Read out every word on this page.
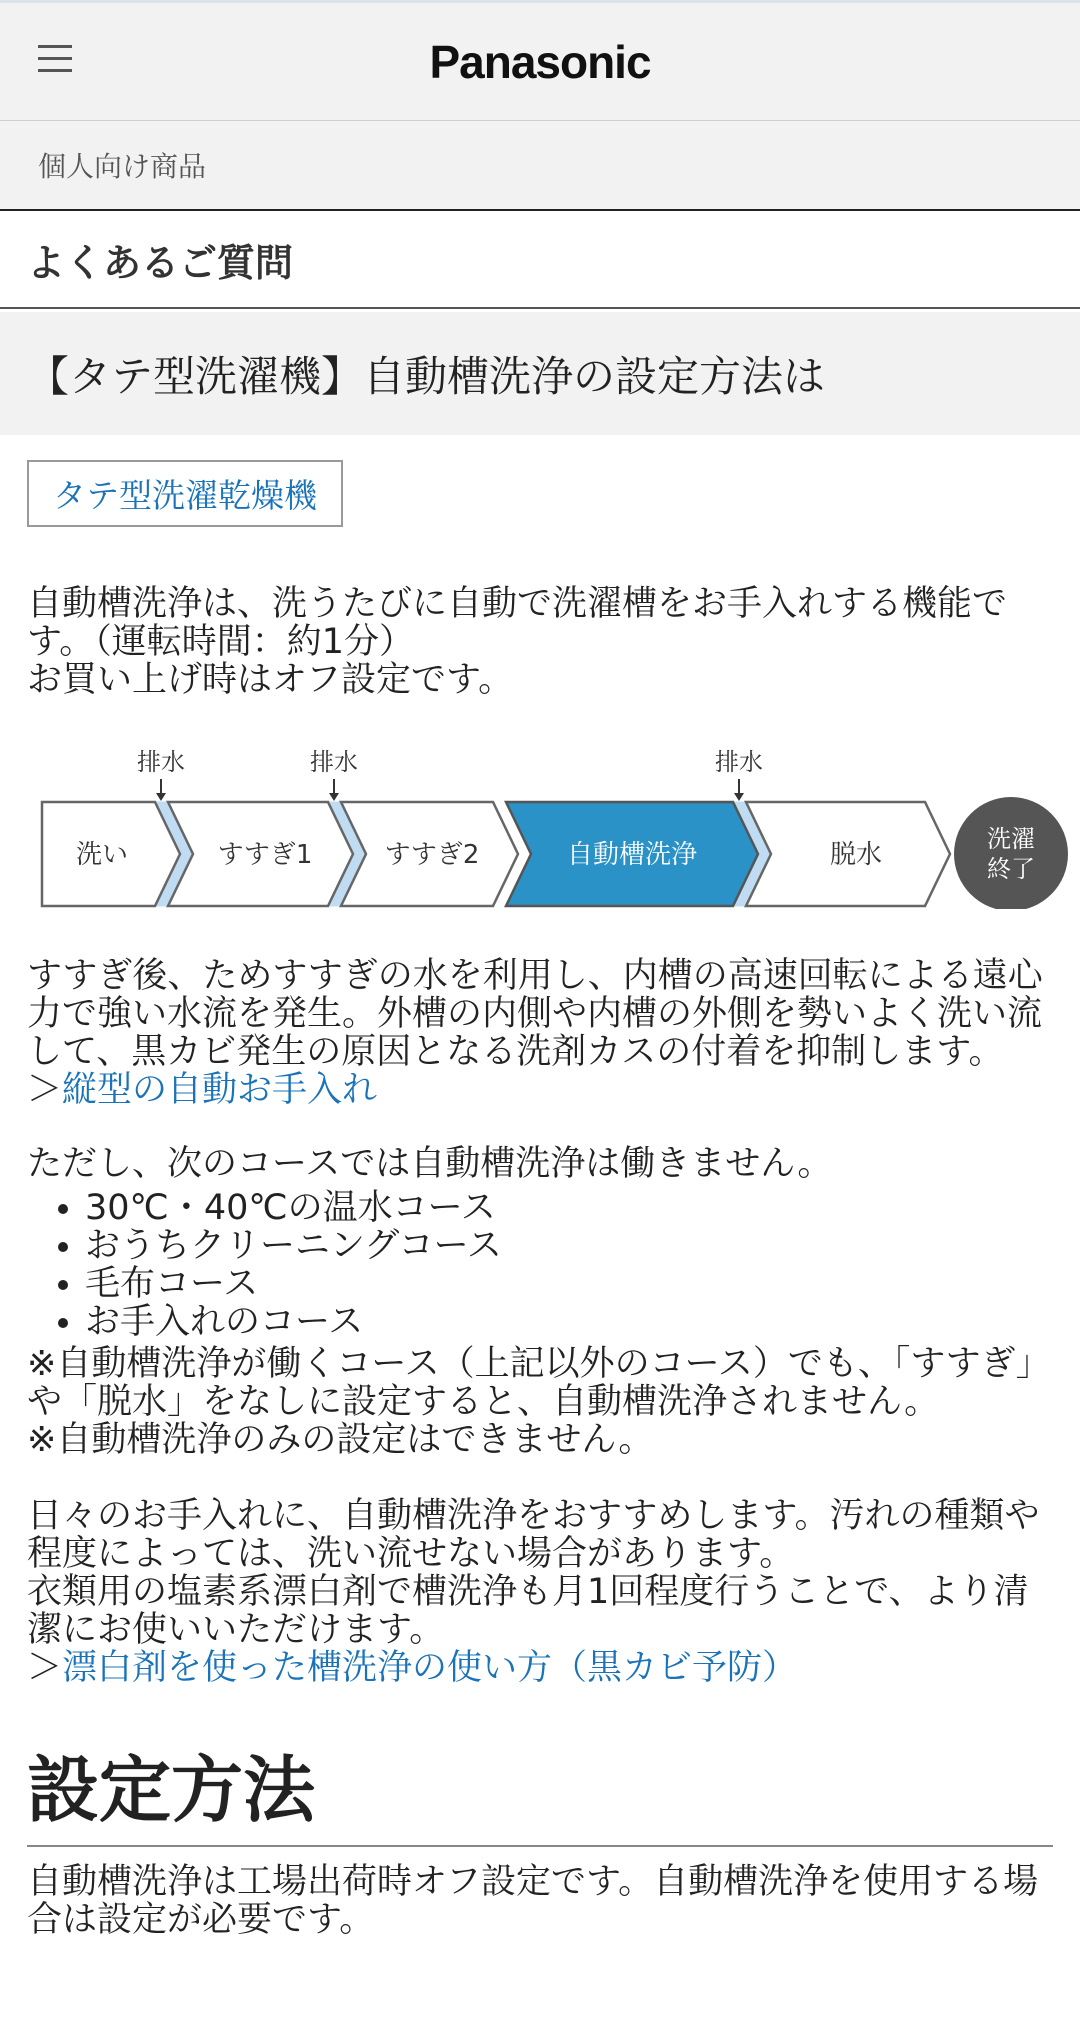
Panasonic
個人向け商品
よくあるご質問
【タテ型洗濯機】自動槽洗浄の設定方法は
タテ型洗濯乾燥機

自動槽洗浄は、洗うたびに自動で洗濯槽をお手入れする機能です。（運転時間：約1分）
お買い上げ時はオフ設定です。

洗濯
終了
排水	排水	排水
洗い	すすぎ1	すすぎ2	自動槽洗浄	脱水

すすぎ後、ためすすぎの水を利用し、内槽の高速回転による遠心力で強い水流を発生。外槽の内側や内槽の外側を勢いよく洗い流して、黒カビ発生の原因となる洗剤カスの付着を抑制します。
＞縦型の自動お手入れ

ただし、次のコースでは自動槽洗浄は働きません。

• 30℃・40℃の温水コース
• おうちクリーニングコース
• 毛布コース
• お手入れのコース

※自動槽洗浄が働くコース（上記以外のコース）でも、「すすぎ」や「脱水」をなしに設定すると、自動槽洗浄されません。
※自動槽洗浄のみの設定はできません。

日々のお手入れに、自動槽洗浄をおすすめします。汚れの種類や程度によっては、洗い流せない場合があります。
衣類用の塩素系漂白剤で槽洗浄も月1回程度行うことで、より清潔にお使いいただけます。
＞漂白剤を使った槽洗浄の使い方（黒カビ予防）

設定方法

自動槽洗浄は工場出荷時オフ設定です。自動槽洗浄を使用する場合は設定が必要です。
